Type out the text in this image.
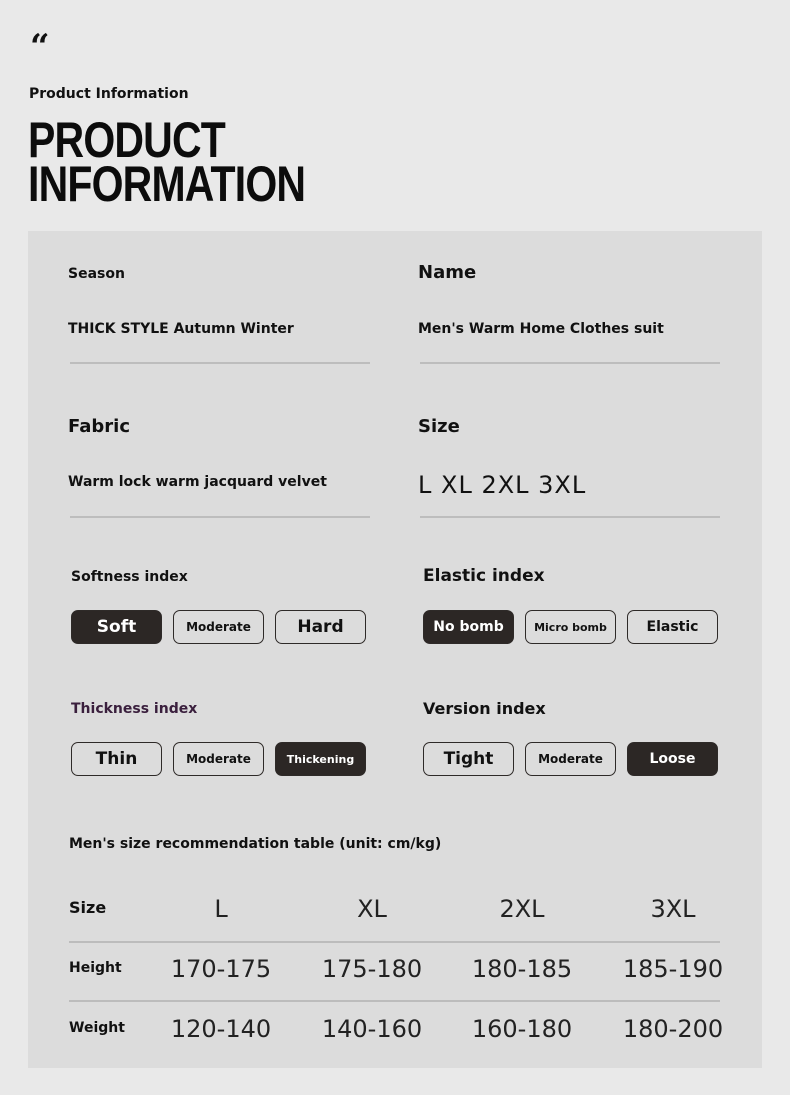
“
Product Information
PRODUCT
INFORMATION
Season
THICK STYLE Autumn Winter
Name
Men's Warm Home Clothes suit
Fabric
Warm lock warm jacquard velvet
Size
L XL 2XL 3XL
Softness index
Soft	Moderate	Hard
Elastic index
No bomb	Micro bomb	Elastic
Thickness index
Thin	Moderate	Thickening
Version index
Tight	Moderate	Loose
Men's size recommendation table (unit: cm/kg)
Size	L	XL	2XL	3XL
Height	170-175	175-180	180-185	185-190
Weight	120-140	140-160	160-180	180-200
